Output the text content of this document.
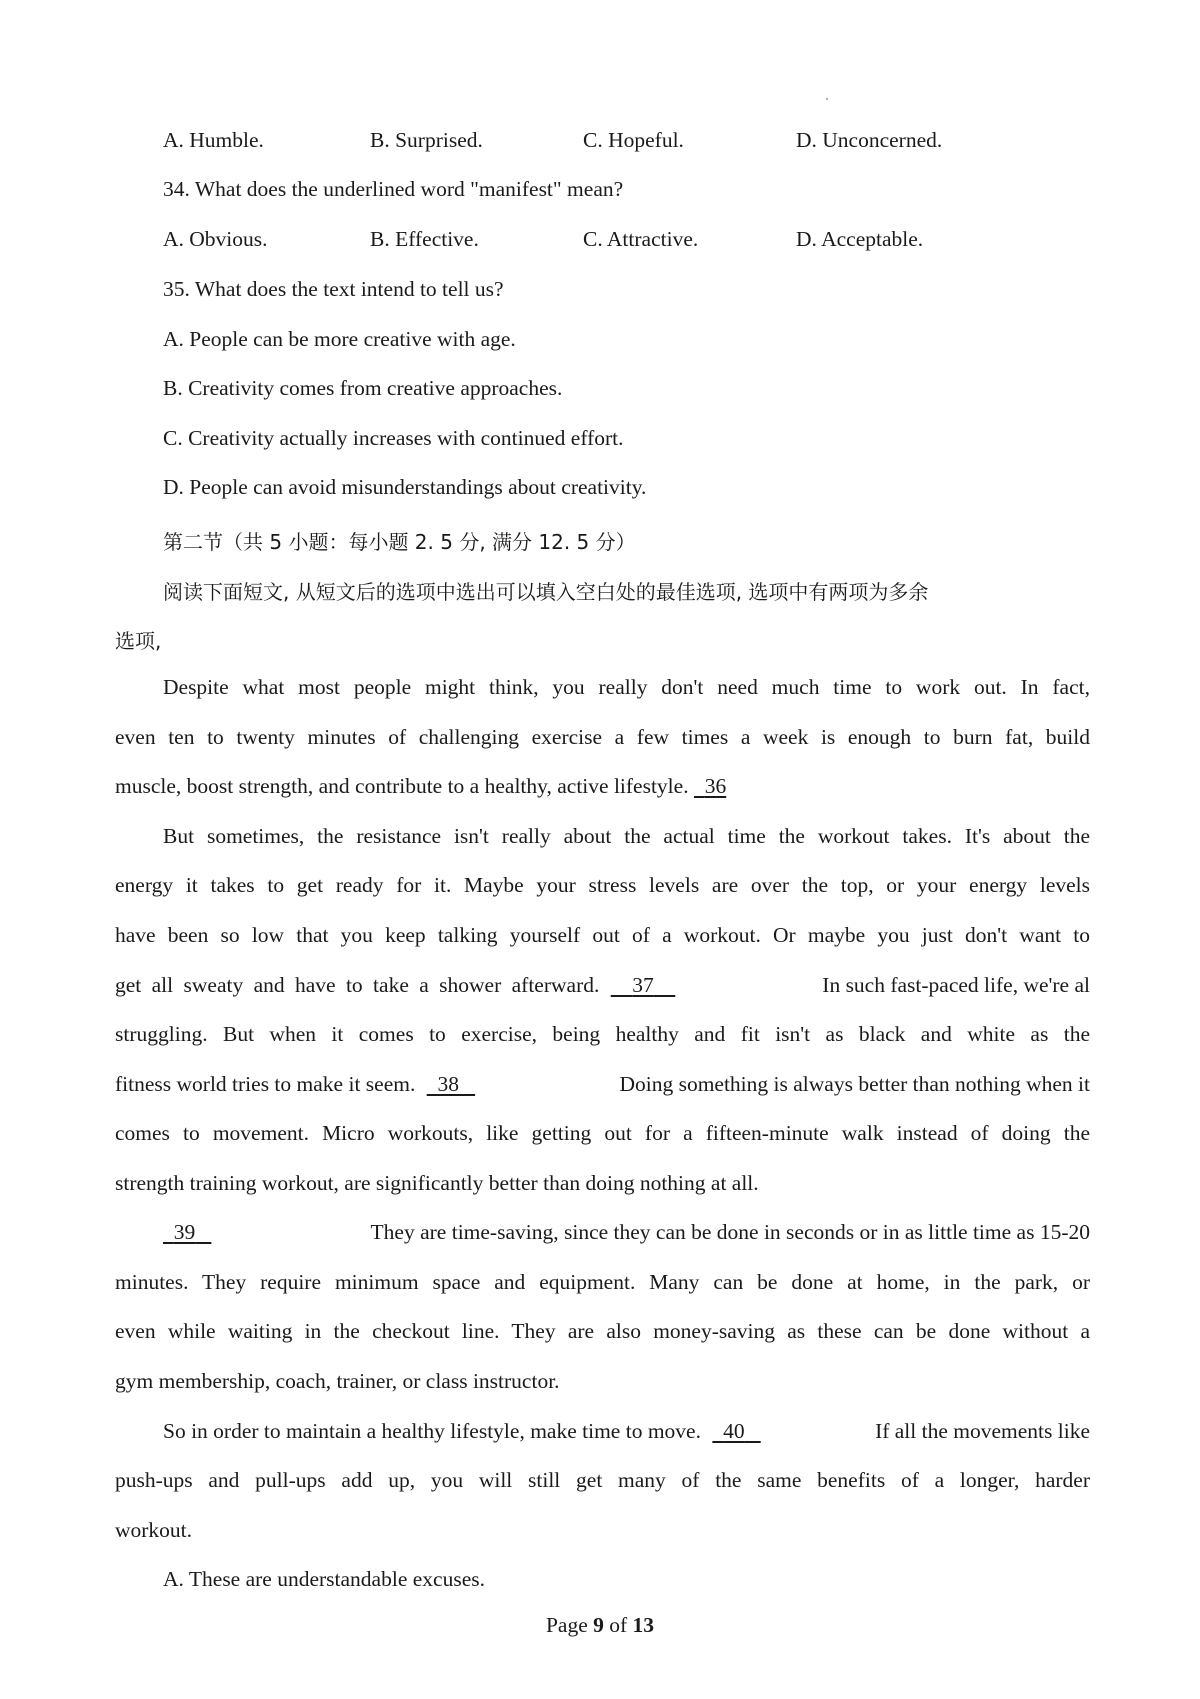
A. Humble.	B. Surprised.	C. Hopeful.	D. Unconcerned.
34. What does the underlined word "manifest" mean?
A. Obvious.	B. Effective.	C. Attractive.	D. Acceptable.
35. What does the text intend to tell us?
A. People can be more creative with age.
B. Creativity comes from creative approaches.
C. Creativity actually increases with continued effort.
D. People can avoid misunderstandings about creativity.
第二节（共 5 小题：每小题 2. 5 分, 满分 12. 5 分）
阅读下面短文, 从短文后的选项中选出可以填入空白处的最佳选项, 选项中有两项为多余
选项,
Despite what most people might think, you really don't need much time to work out. In fact,
even ten to twenty minutes of challenging exercise a few times a week is enough to burn fat, build
muscle, boost strength, and contribute to a healthy, active lifestyle. 36
But sometimes, the resistance isn't really about the actual time the workout takes. It's about the
energy it takes to get ready for it. Maybe your stress levels are over the top, or your energy levels
have been so low that you keep talking yourself out of a workout. Or maybe you just don't want to
get all sweaty and have to take a shower afterward. 37	In such fast-paced life, we're al
struggling. But when it comes to exercise, being healthy and fit isn't as black and white as the
fitness world tries to make it seem. 38	Doing something is always better than nothing when it
comes to movement. Micro workouts, like getting out for a fifteen-minute walk instead of doing the
strength training workout, are significantly better than doing nothing at all.
39	They are time-saving, since they can be done in seconds or in as little time as 15-20
minutes. They require minimum space and equipment. Many can be done at home, in the park, or
even while waiting in the checkout line. They are also money-saving as these can be done without a
gym membership, coach, trainer, or class instructor.
So in order to maintain a healthy lifestyle, make time to move. 40	If all the movements like
push-ups and pull-ups add up, you will still get many of the same benefits of a longer, harder
workout.
A. These are understandable excuses.
Page 9 of 13
